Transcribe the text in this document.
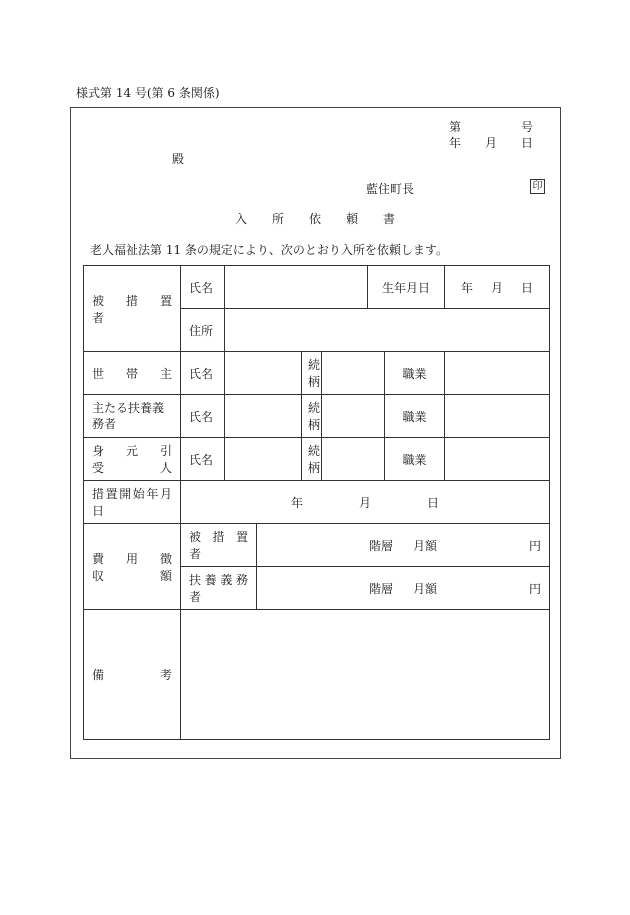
様式第 14 号(第 6 条関係)
第	号
年 月 日
殿
藍住町長	印
入 所 依 頼 書
老人福祉法第 11 条の規定により、次のとおり入所を依頼します。
被　措　置　者	氏名					生年月日		年 月 日

	住所							
世　帯　主	氏名			続柄			職業	
主たる扶養義務者	氏名			続柄			職業	
身　元　引　受　人	氏名			続柄			職業	
措置開始年月日	年 月 日							

費　用　徴　収　額	被 措 置 者		階層 月額 円					

	扶養義務者		階層 月額 円					

備　考								
